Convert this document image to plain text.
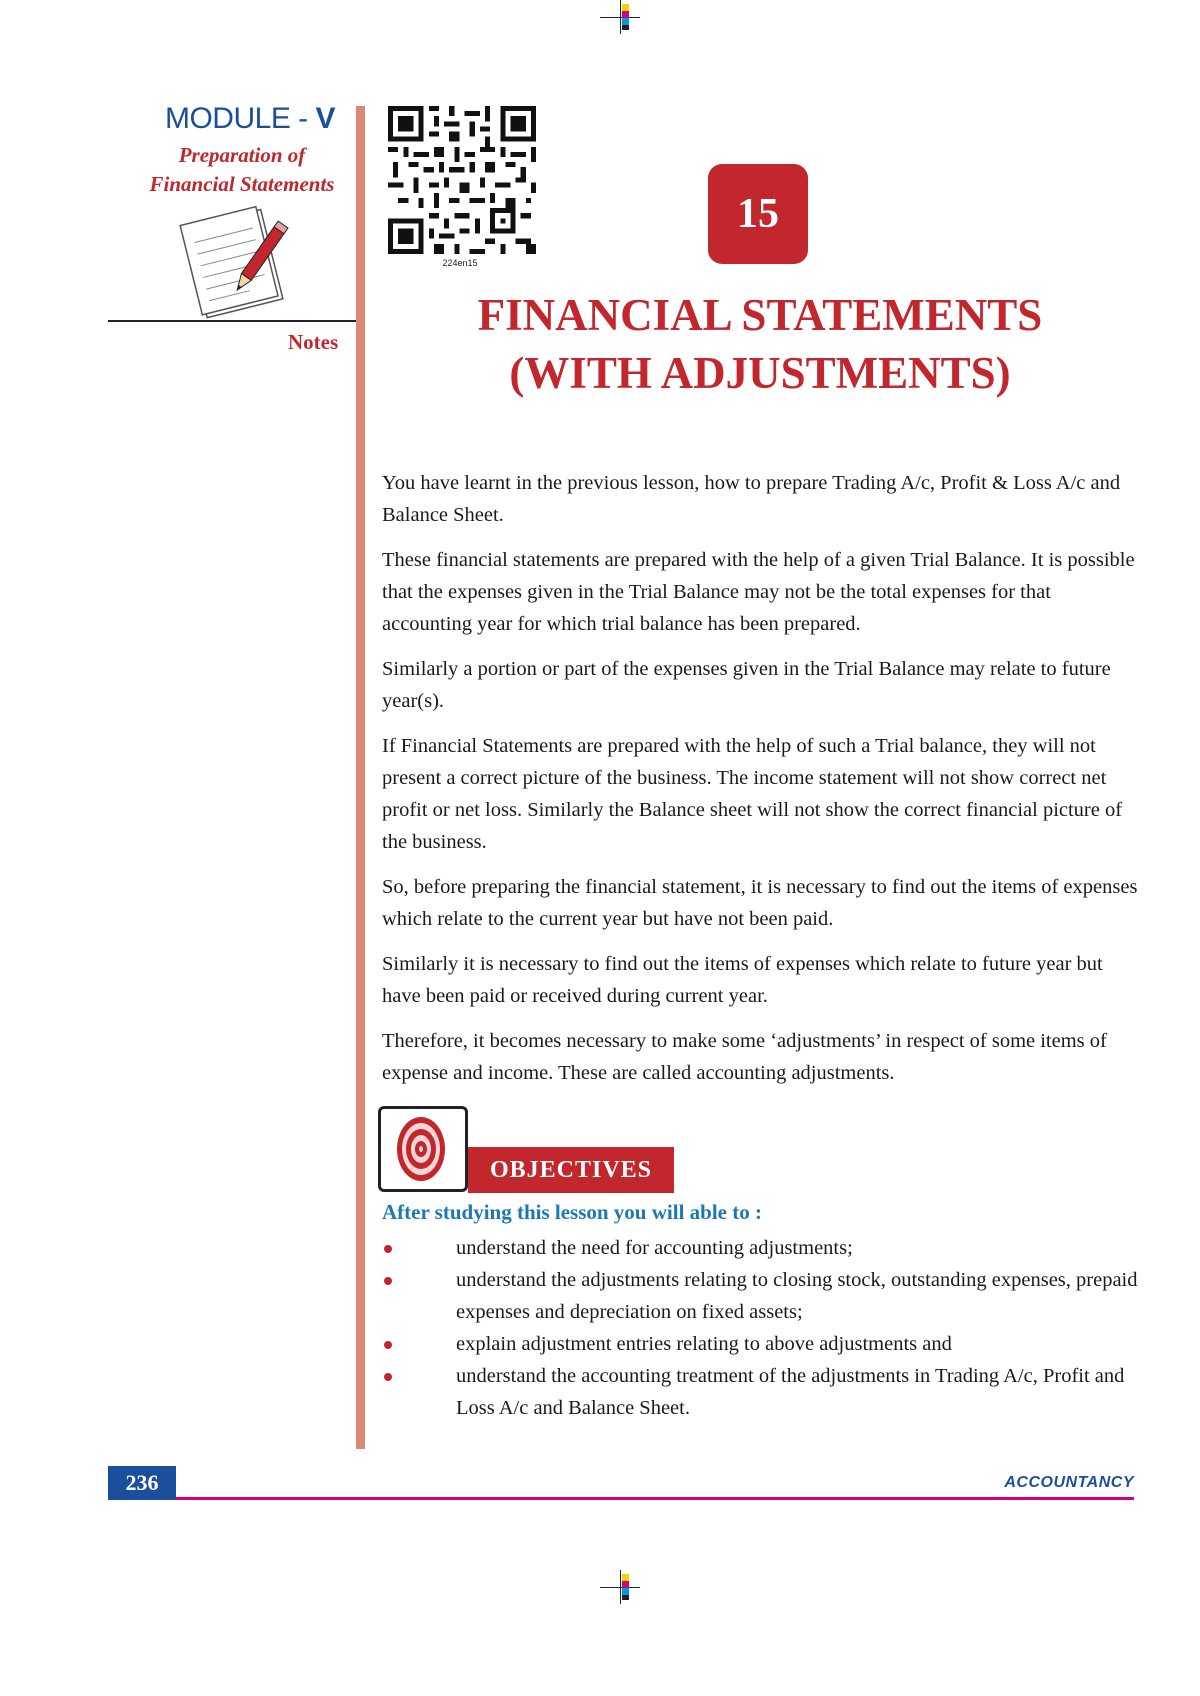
MODULE - V
Preparation of
Financial Statements
Notes
224en15
15
FINANCIAL STATEMENTS
(WITH ADJUSTMENTS)

You have learnt in the previous lesson, how to prepare Trading A/c, Profit & Loss A/c and Balance Sheet.

These financial statements are prepared with the help of a given Trial Balance. It is possible that the expenses given in the Trial Balance may not be the total expenses for that accounting year for which trial balance has been prepared.

Similarly a portion or part of the expenses given in the Trial Balance may relate to future year(s).

If Financial Statements are prepared with the help of such a Trial balance, they will not present a correct picture of the business. The income statement will not show correct net profit or net loss. Similarly the Balance sheet will not show the correct financial picture of the business.

So, before preparing the financial statement, it is necessary to find out the items of expenses which relate to the current year but have not been paid.

Similarly it is necessary to find out the items of expenses which relate to future year but have been paid or received during current year.

Therefore, it becomes necessary to make some ‘adjustments’ in respect of some items of expense and income. These are called accounting adjustments.

OBJECTIVES
After studying this lesson you will able to :
understand the need for accounting adjustments;
understand the adjustments relating to closing stock, outstanding expenses, prepaid expenses and depreciation on fixed assets;
explain adjustment entries relating to above adjustments and
understand the accounting treatment of the adjustments in Trading A/c, Profit and Loss A/c and Balance Sheet.
236	ACCOUNTANCY
